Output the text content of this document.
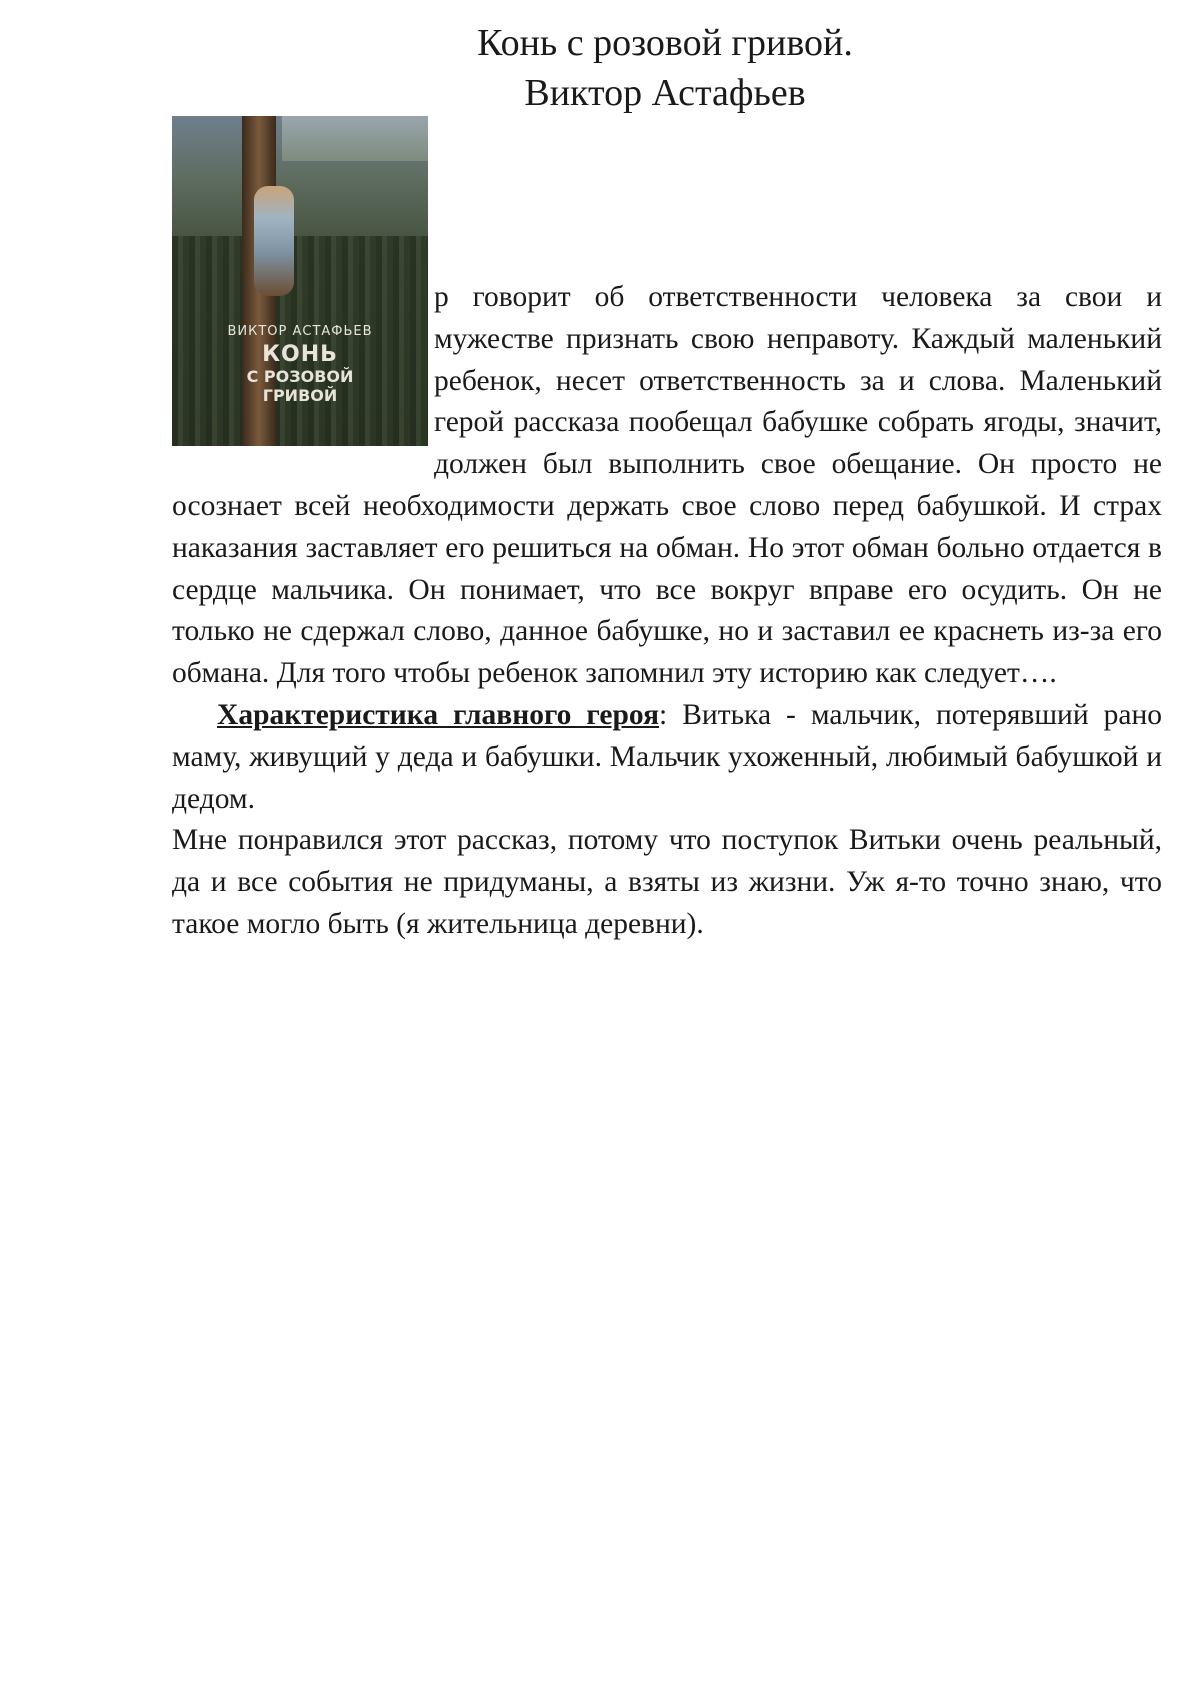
Конь с розовой гривой.
Виктор Астафьев
ВИКТОР АСТАФЬЕВ
КОНЬ
С РОЗОВОЙ
ГРИВОЙ

р говорит об ответственности человека за свои и мужестве признать свою неправоту. Каждый маленький ребенок, несет ответственность за и слова. Маленький герой рассказа пообещал бабушке собрать ягоды, значит, должен был выполнить свое обещание. Он просто не осознает всей необходимости держать свое слово перед бабушкой. И страх наказания заставляет его решиться на обман. Но этот обман больно отдается в сердце мальчика. Он понимает, что все вокруг вправе его осудить. Он не только не сдержал слово, данное бабушке, но и заставил ее краснеть из-за его обмана. Для того чтобы ребенок запомнил эту историю как следует….

Характеристика главного героя: Витька - мальчик, потерявший рано маму, живущий у деда и бабушки. Мальчик ухоженный, любимый бабушкой и дедом.

Мне понравился этот рассказ, потому что поступок Витьки очень реальный, да и все события не придуманы, а взяты из жизни. Уж я-то точно знаю, что такое могло быть (я жительница деревни).
